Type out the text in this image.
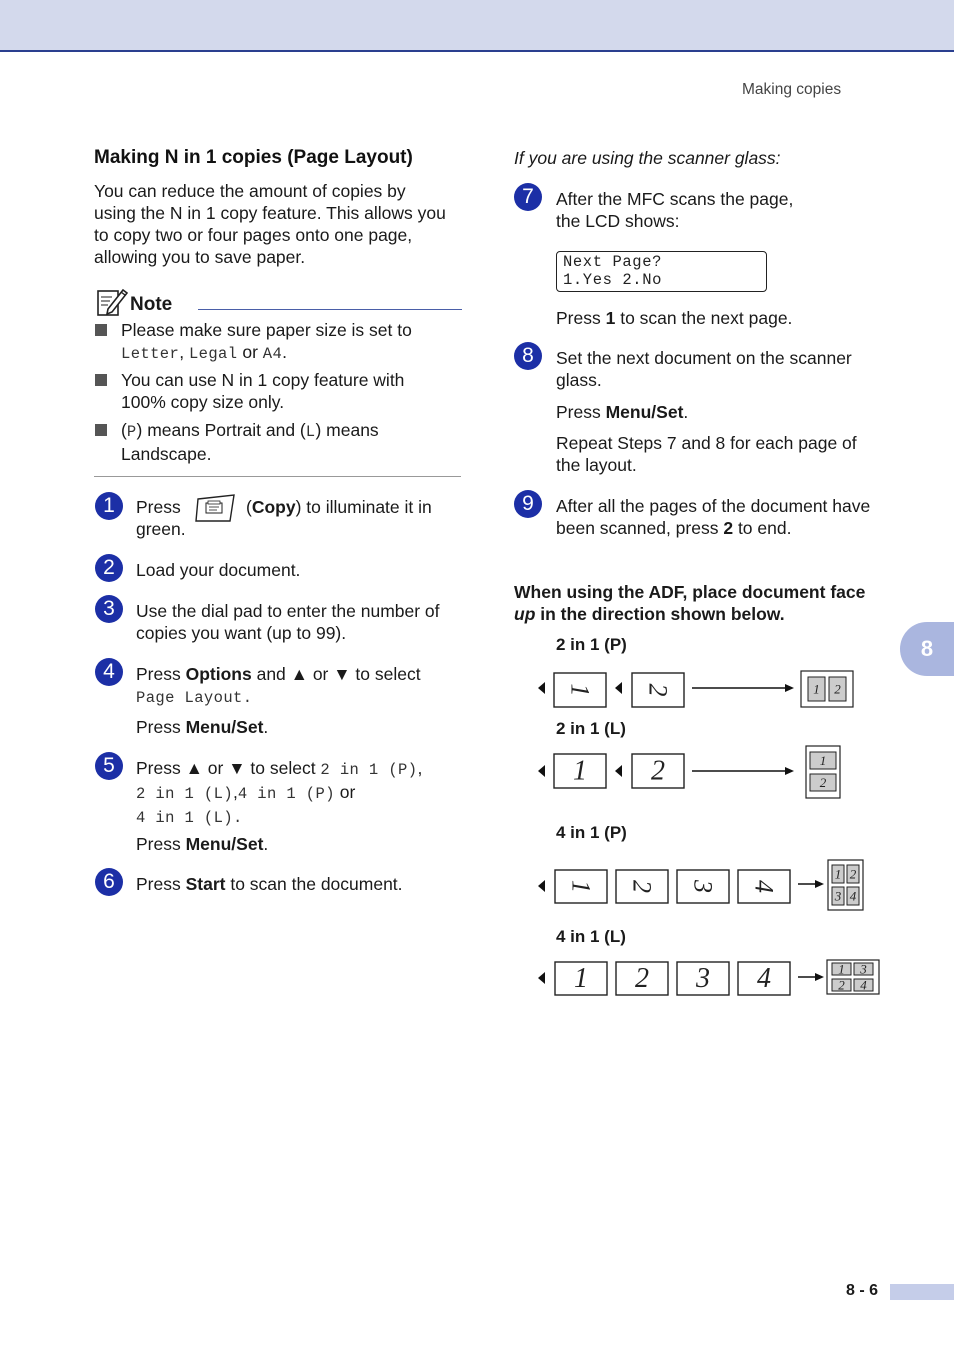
Making copies
Making N in 1 copies (Page Layout)
You can reduce the amount of copies by
using the N in 1 copy feature. This allows you
to copy two or four pages onto one page,
allowing you to save paper.
Note
Please make sure paper size is set to
Letter, Legal or A4.
You can use N in 1 copy feature with
100% copy size only.
(P) means Portrait and (L) means
Landscape.
1	Press	(Copy) to illuminate it in
green.
2	Load your document.
3	Use the dial pad to enter the number of
copies you want (up to 99).
4	Press Options and ▲ or ▼ to select
Page Layout.
Press Menu/Set.
5	Press ▲ or ▼ to select 2 in 1 (P),
2 in 1 (L),4 in 1 (P) or
4 in 1 (L).
Press Menu/Set.
6	Press Start to scan the document.
If you are using the scanner glass:
7	After the MFC scans the page,
the LCD shows:
Next Page?
1.Yes 2.No
Press 1 to scan the next page.
8	Set the next document on the scanner
glass.
Press Menu/Set.
Repeat Steps 7 and 8 for each page of
the layout.
9	After all the pages of the document have
been scanned, press 2 to end.
When using the ADF, place document face
up in the direction shown below.
2 in 1 (P)
2 in 1 (L)
4 in 1 (P)
4 in 1 (L)
1 2	1 2
1 2	1
2
1 2 3 4
1 2
3 4
1 2 3 4	1 3
2 4
8
8 - 6
